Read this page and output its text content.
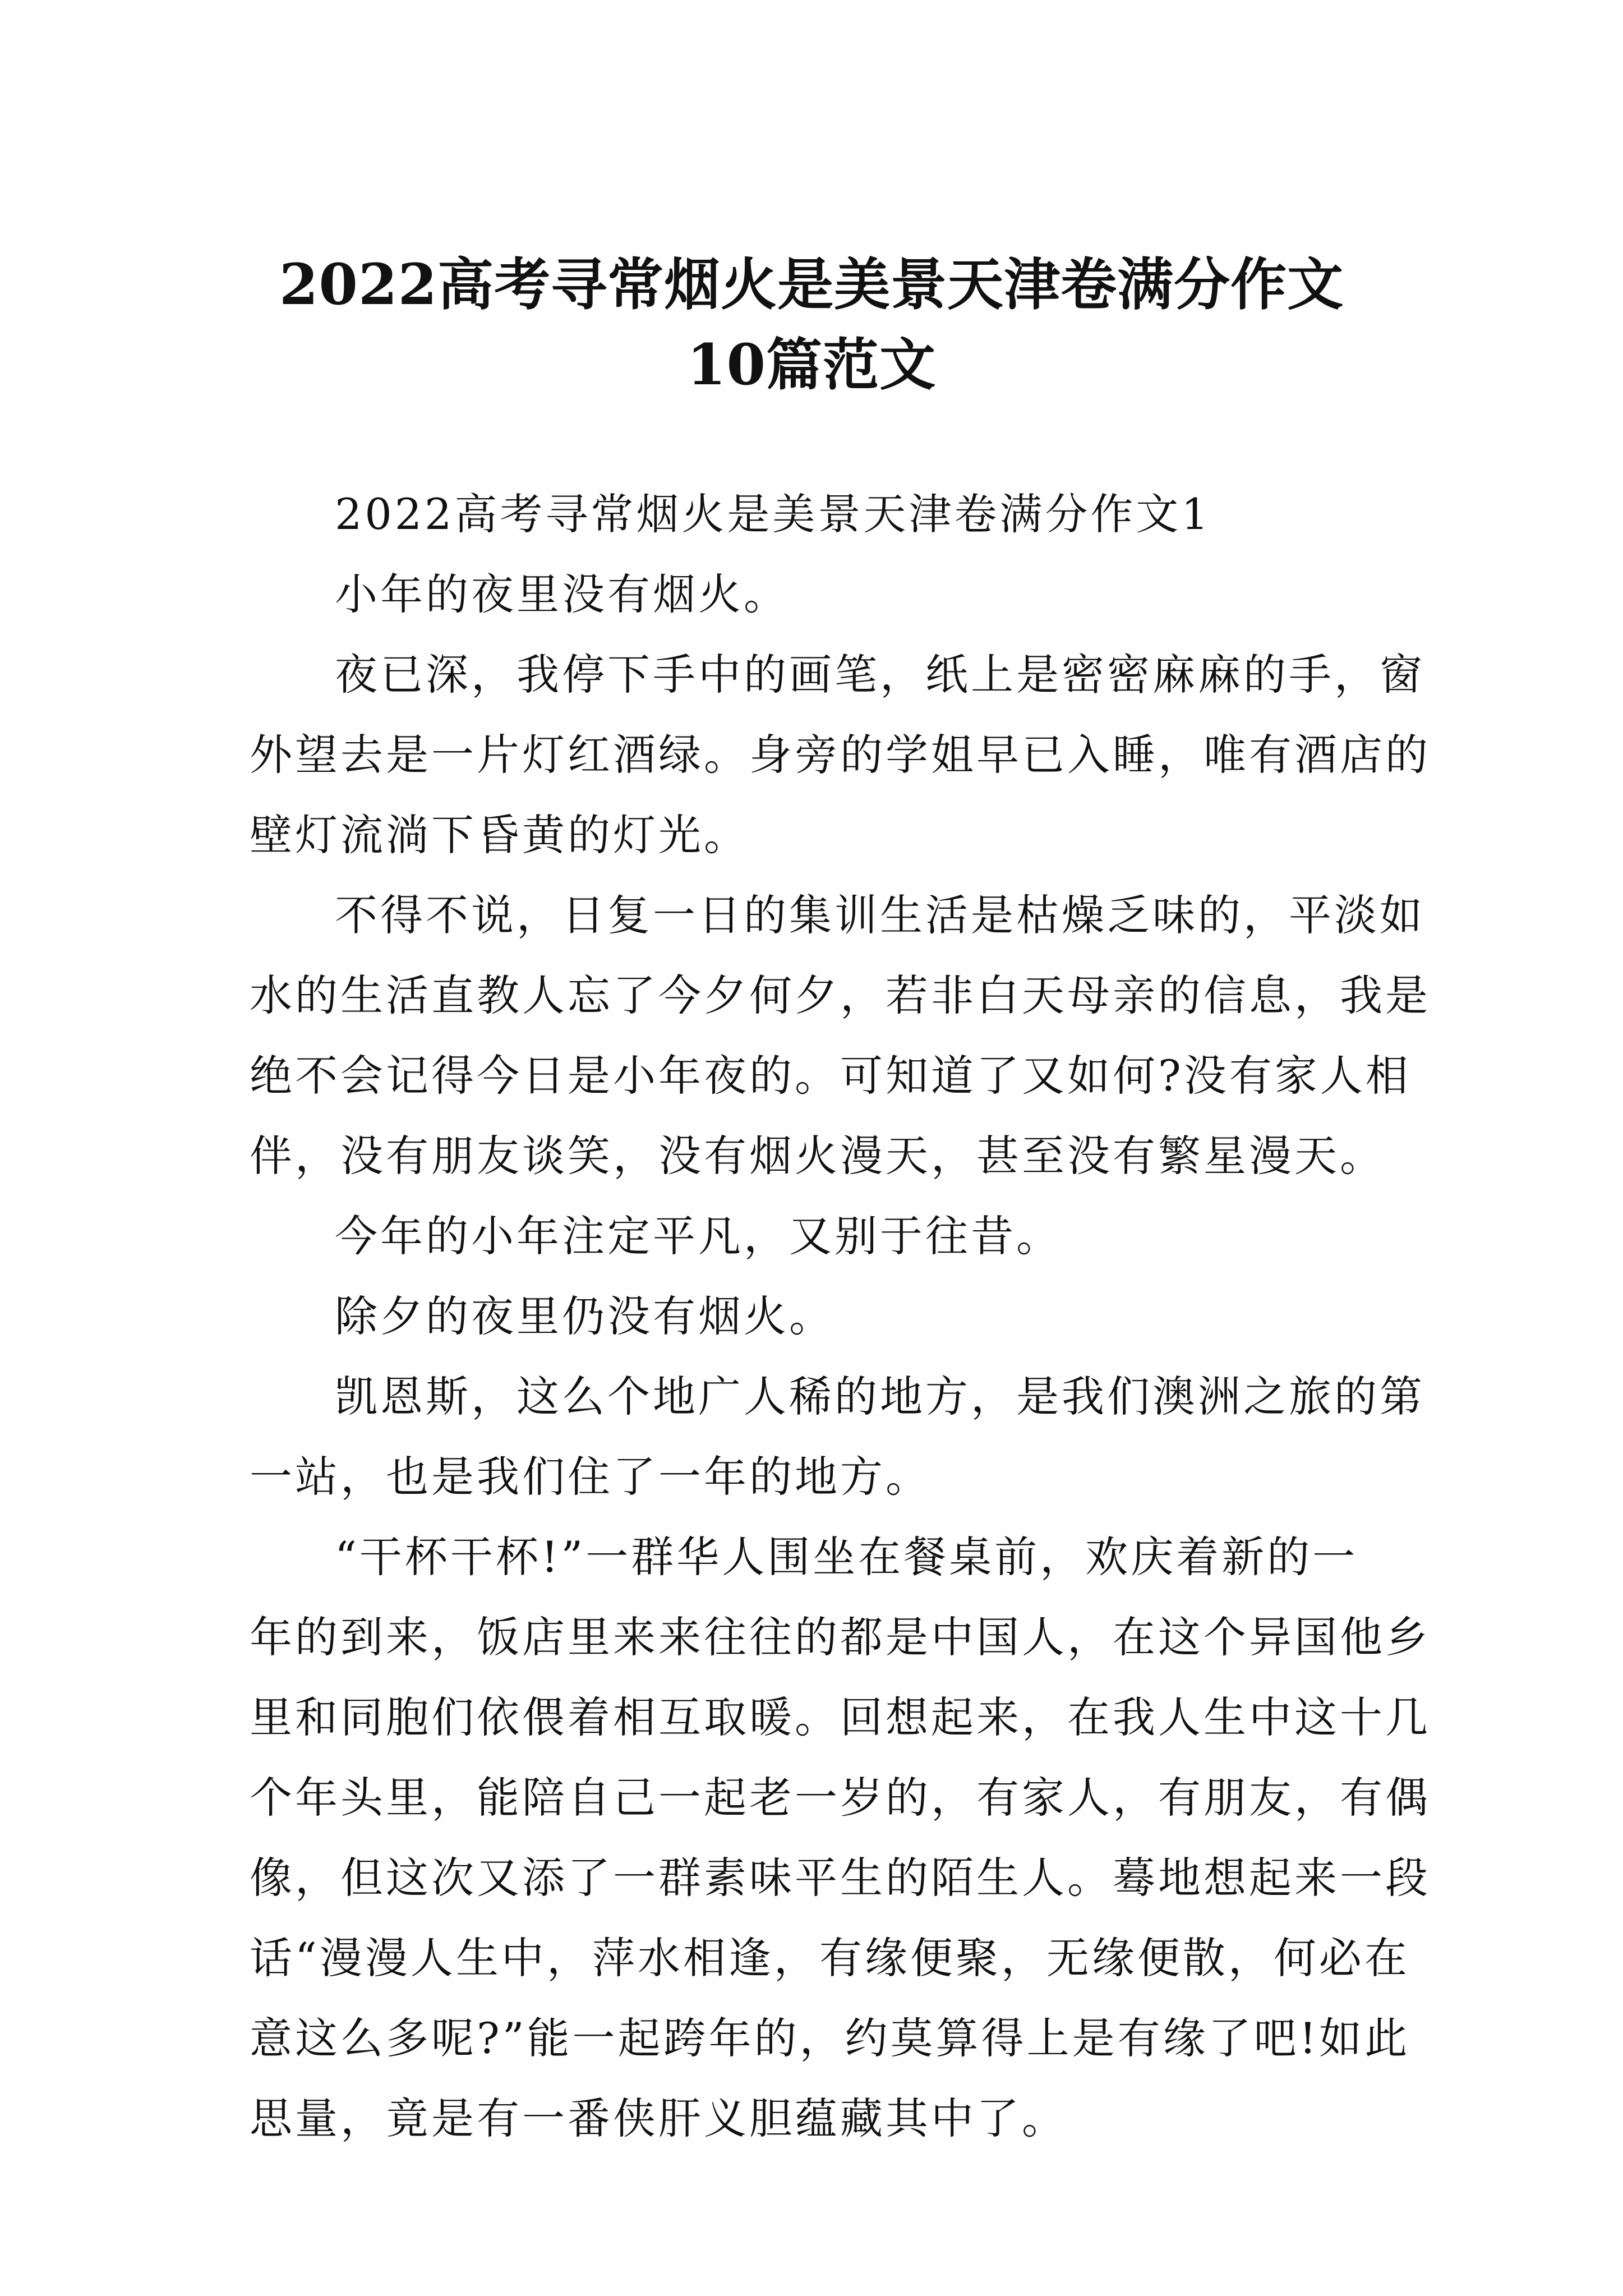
2022高考寻常烟火是美景天津卷满分作文
10篇范文
2022高考寻常烟火是美景天津卷满分作文1
小年的夜里没有烟火。
夜已深，我停下手中的画笔，纸上是密密麻麻的手，窗
外望去是一片灯红酒绿。身旁的学姐早已入睡，唯有酒店的
壁灯流淌下昏黄的灯光。
不得不说，日复一日的集训生活是枯燥乏味的，平淡如
水的生活直教人忘了今夕何夕，若非白天母亲的信息，我是
绝不会记得今日是小年夜的。可知道了又如何?没有家人相
伴，没有朋友谈笑，没有烟火漫天，甚至没有繁星漫天。
今年的小年注定平凡，又别于往昔。
除夕的夜里仍没有烟火。
凯恩斯，这么个地广人稀的地方，是我们澳洲之旅的第
一站，也是我们住了一年的地方。
“干杯干杯!”一群华人围坐在餐桌前，欢庆着新的一
年的到来，饭店里来来往往的都是中国人，在这个异国他乡
里和同胞们依偎着相互取暖。回想起来，在我人生中这十几
个年头里，能陪自己一起老一岁的，有家人，有朋友，有偶
像，但这次又添了一群素味平生的陌生人。蓦地想起来一段
话“漫漫人生中，萍水相逢，有缘便聚，无缘便散，何必在
意这么多呢?”能一起跨年的，约莫算得上是有缘了吧!如此
思量，竟是有一番侠肝义胆蕴藏其中了。
